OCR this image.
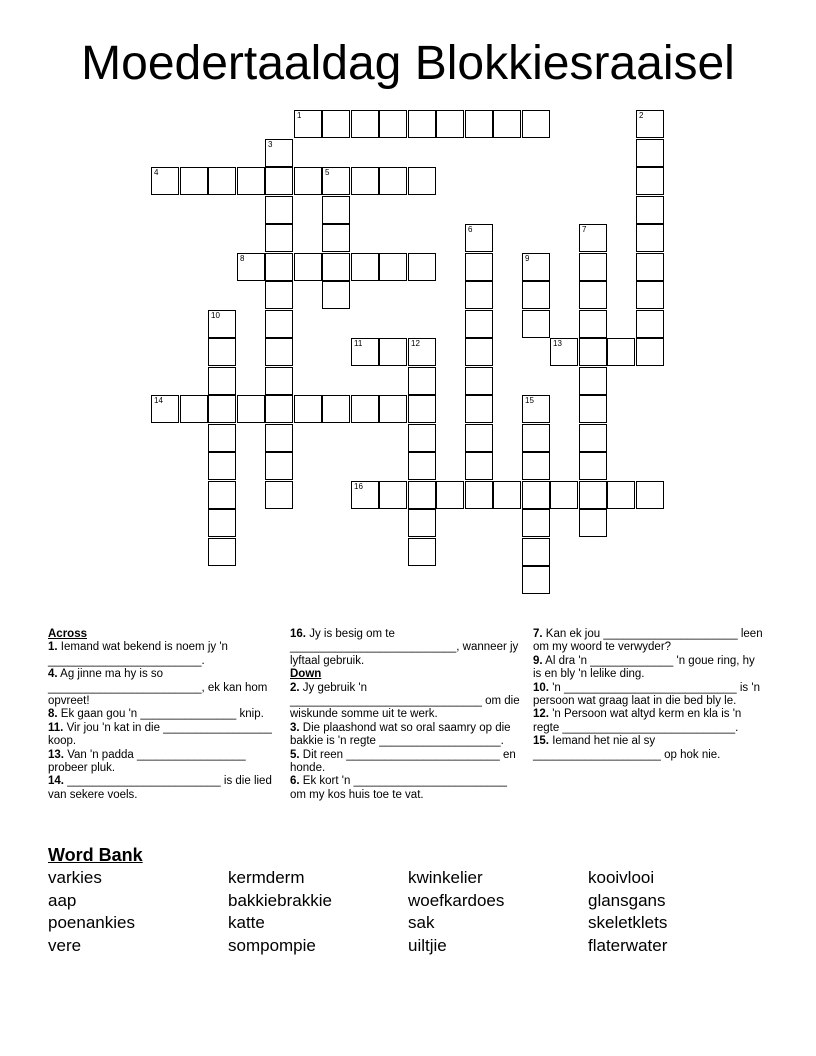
Moedertaaldag Blokkiesraaisel
1	2
3
4	5
6	7
8	9
10
11	12	13
14	15
16
Across
1. Iemand wat bekend is noem jy 'n ________________________.
4. Ag jinne ma hy is so ________________________, ek kan hom opvreet!
8. Ek gaan gou 'n _______________ knip.
11. Vir jou 'n kat in die _________________ koop.
13. Van 'n padda _________________ probeer pluk.
14. ________________________ is die lied van sekere voels.
16. Jy is besig om te __________________________, wanneer jy lyftaal gebruik.
Down
2. Jy gebruik 'n ______________________________ om die wiskunde somme uit te werk.
3. Die plaashond wat so oral saamry op die bakkie is 'n regte ___________________.
5. Dit reen ________________________ en honde.
6. Ek kort 'n ________________________ om my kos huis toe te vat.
7. Kan ek jou _____________________ leen om my woord te verwyder?
9. Al dra 'n _____________ 'n goue ring, hy is en bly 'n lelike ding.
10. 'n ___________________________ is 'n persoon wat graag laat in die bed bly le.
12. 'n Persoon wat altyd kerm en kla is 'n regte ___________________________.
15. Iemand het nie al sy ____________________ op hok nie.
Word Bank
varkies	kermderm	kwinkelier	kooivlooi
aap	bakkiebrakkie	woefkardoes	glansgans
poenankies	katte	sak	skeletklets
vere	sompompie	uiltjie	flaterwater
